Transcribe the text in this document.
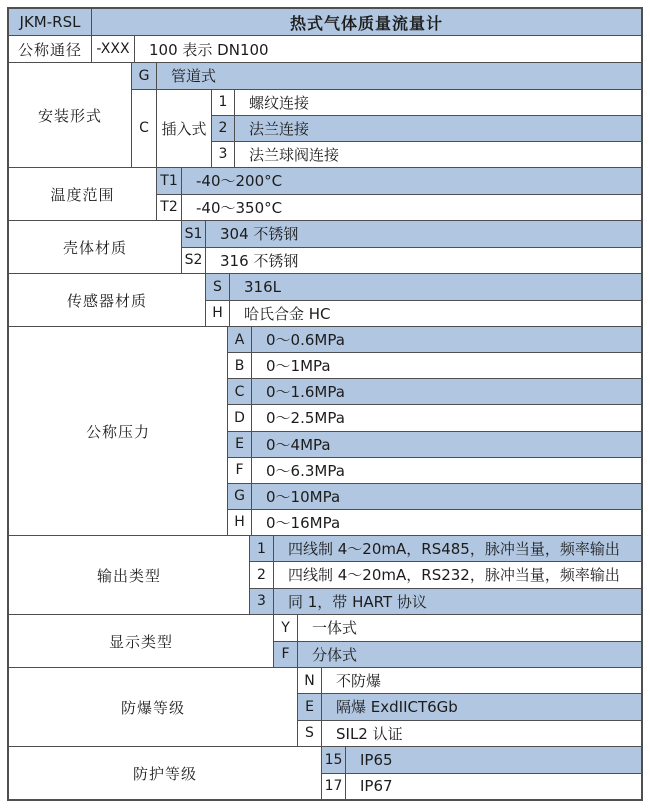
JKM-RSL	热式气体质量流量计
公称通径	-XXX	100 表示 DN100
安装形式
G	管道式
C 插入式
1	螺纹连接
2	法兰连接
3	法兰球阀连接
温度范围
T1	-40～200°C
T2	-40～350°C
壳体材质
S1	304 不锈钢
S2	316 不锈钢
传感器材质
S	316L
H	哈氏合金 HC
公称压力
A	0～0.6MPa
B	0～1MPa
C	0～1.6MPa
D	0～2.5MPa
E	0～4MPa
F	0～6.3MPa
G	0～10MPa
H	0～16MPa
输出类型
1	四线制 4～20mA，RS485，脉冲当量，频率输出
2	四线制 4～20mA，RS232，脉冲当量，频率输出
3	同 1，带 HART 协议
显示类型
Y	一体式
F	分体式
防爆等级
N	不防爆
E	隔爆 ExdIICT6Gb
S	SIL2 认证
防护等级
15	IP65
17	IP67
